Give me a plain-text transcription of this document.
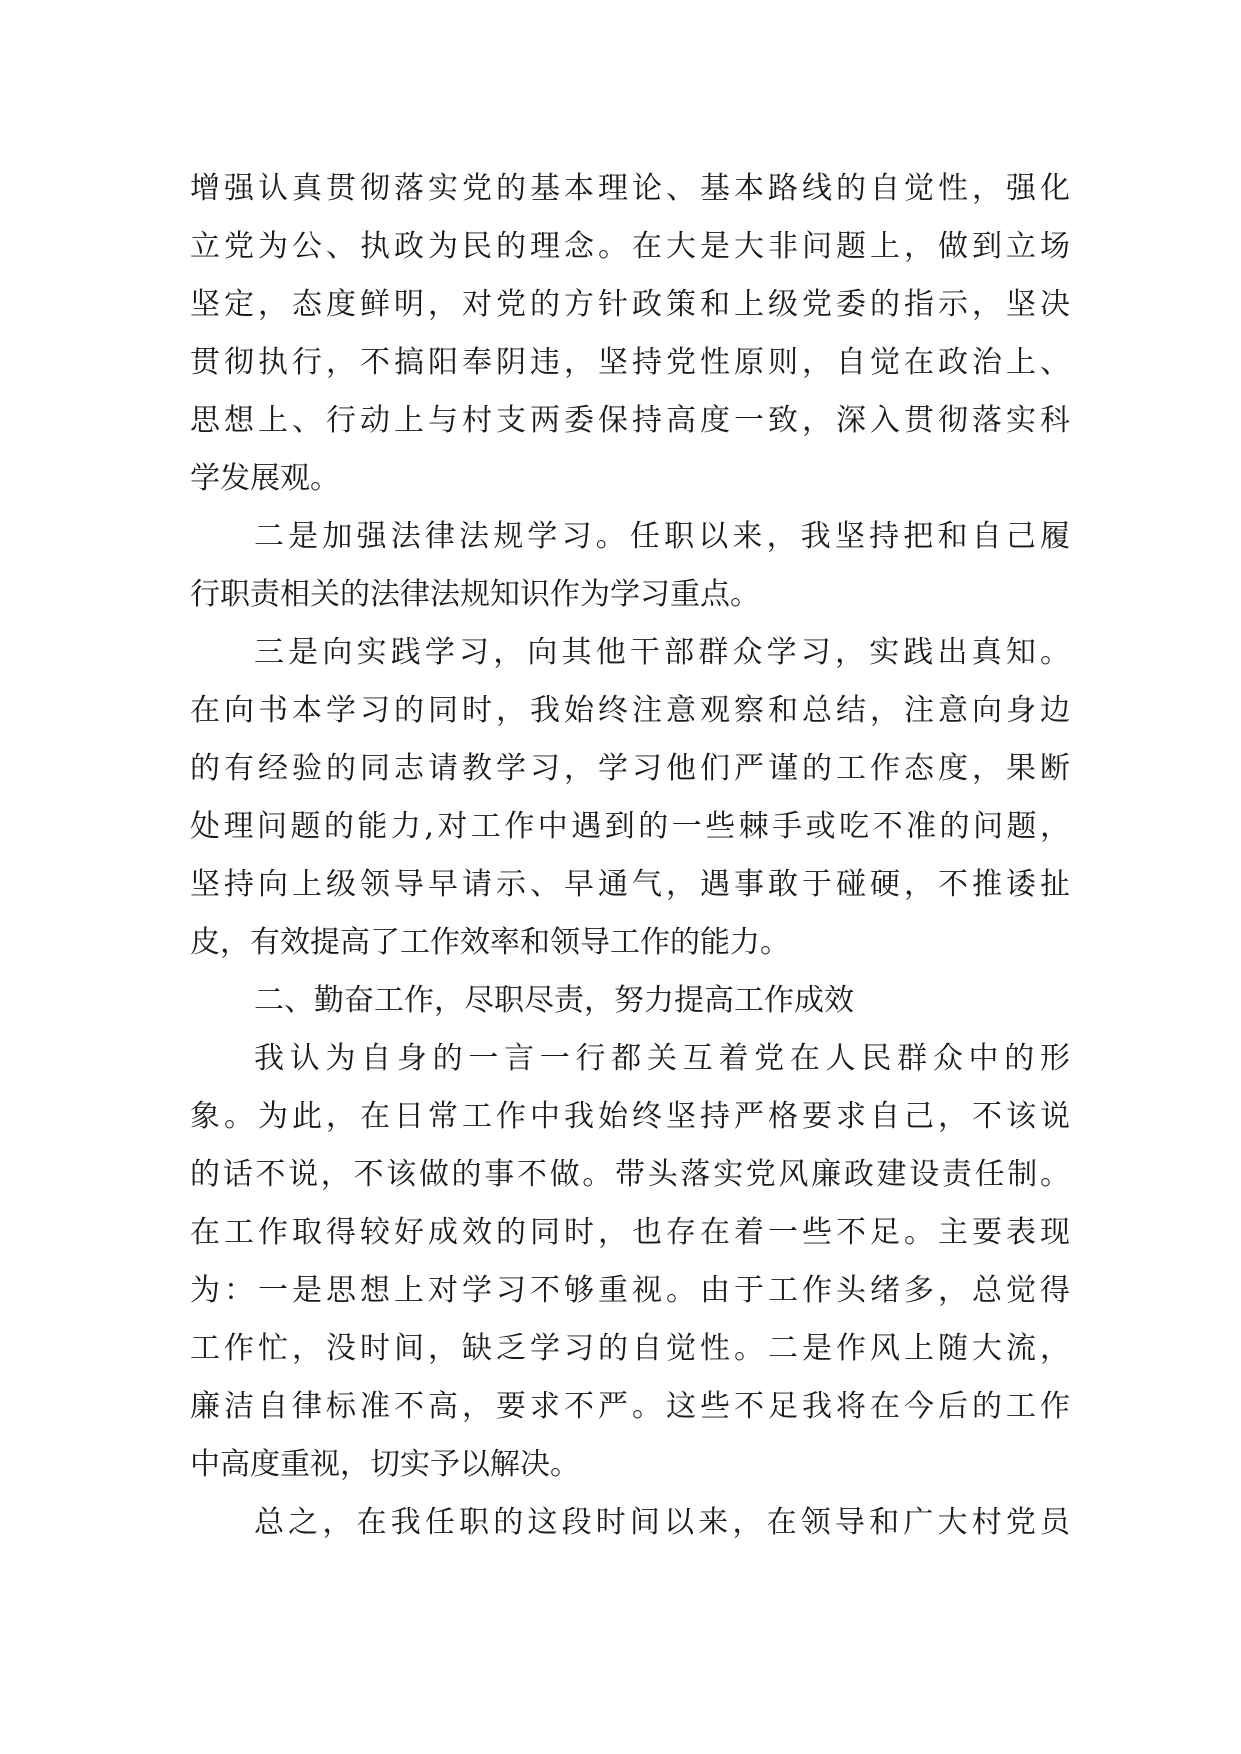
增强认真贯彻落实党的基本理论、基本路线的自觉性，强化
立党为公、执政为民的理念。在大是大非问题上，做到立场
坚定，态度鲜明，对党的方针政策和上级党委的指示，坚决
贯彻执行，不搞阳奉阴违，坚持党性原则，自觉在政治上、
思想上、行动上与村支两委保持高度一致，深入贯彻落实科
学发展观。
二是加强法律法规学习。任职以来，我坚持把和自己履
行职责相关的法律法规知识作为学习重点。
三是向实践学习，向其他干部群众学习，实践出真知。
在向书本学习的同时，我始终注意观察和总结，注意向身边
的有经验的同志请教学习，学习他们严谨的工作态度，果断
处理问题的能力,对工作中遇到的一些棘手或吃不准的问题，
坚持向上级领导早请示、早通气，遇事敢于碰硬，不推诿扯
皮，有效提高了工作效率和领导工作的能力。
二、勤奋工作，尽职尽责，努力提高工作成效
我认为自身的一言一行都关互着党在人民群众中的形
象。为此，在日常工作中我始终坚持严格要求自己，不该说
的话不说，不该做的事不做。带头落实党风廉政建设责任制。
在工作取得较好成效的同时，也存在着一些不足。主要表现
为：一是思想上对学习不够重视。由于工作头绪多，总觉得
工作忙，没时间，缺乏学习的自觉性。二是作风上随大流，
廉洁自律标准不高，要求不严。这些不足我将在今后的工作
中高度重视，切实予以解决。
总之，在我任职的这段时间以来，在领导和广大村党员
